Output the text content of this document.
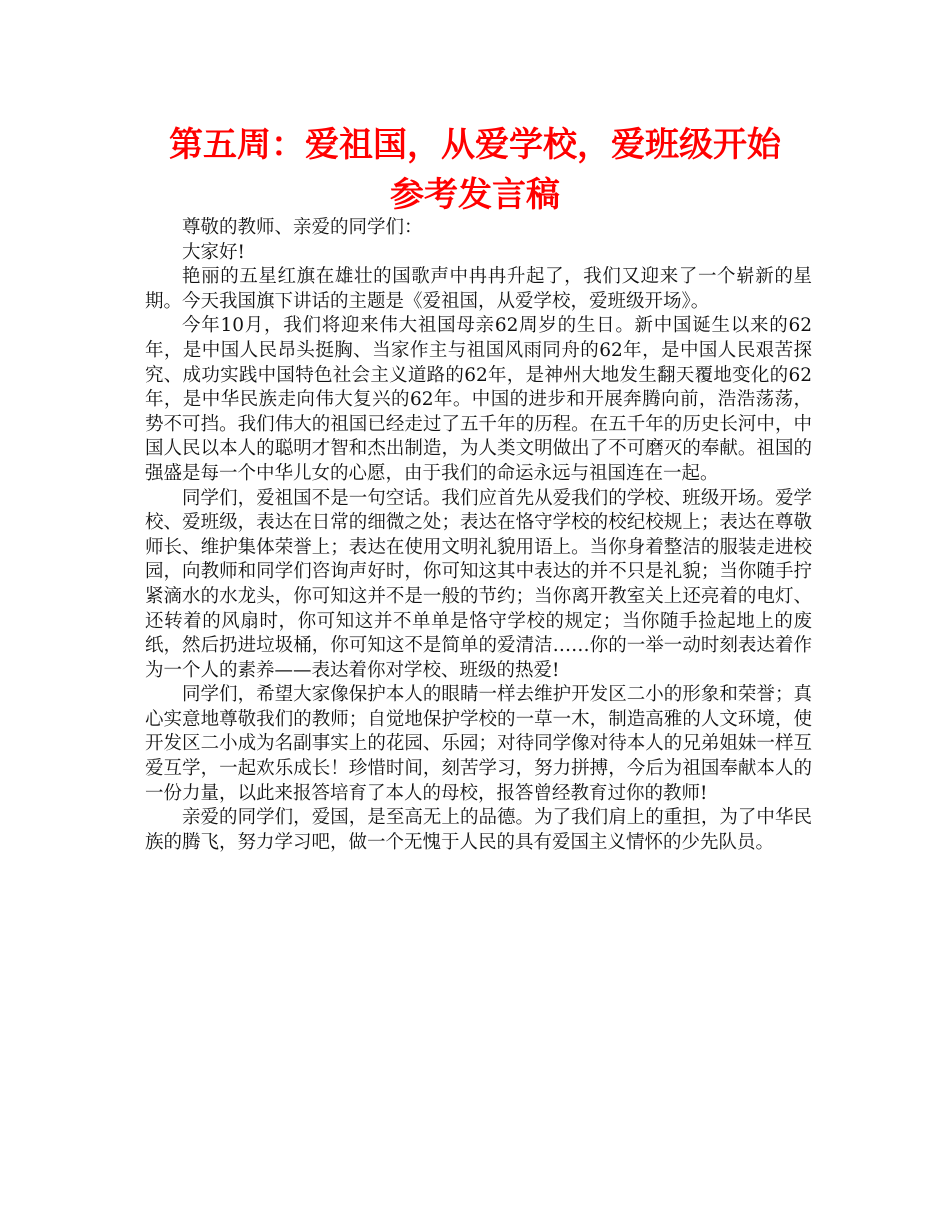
第五周：爱祖国，从爱学校，爱班级开始
参考发言稿

尊敬的教师、亲爱的同学们：

大家好!

艳丽的五星红旗在雄壮的国歌声中冉冉升起了，我们又迎来了一个崭新的星期。今天我国旗下讲话的主题是《爱祖国，从爱学校，爱班级开场》。

今年10月，我们将迎来伟大祖国母亲62周岁的生日。新中国诞生以来的62年，是中国人民昂头挺胸、当家作主与祖国风雨同舟的62年，是中国人民艰苦探究、成功实践中国特色社会主义道路的62年，是神州大地发生翻天覆地变化的62年，是中华民族走向伟大复兴的62年。中国的进步和开展奔腾向前，浩浩荡荡，势不可挡。我们伟大的祖国已经走过了五千年的历程。在五千年的历史长河中，中国人民以本人的聪明才智和杰出制造，为人类文明做出了不可磨灭的奉献。祖国的强盛是每一个中华儿女的心愿，由于我们的命运永远与祖国连在一起。

同学们，爱祖国不是一句空话。我们应首先从爱我们的学校、班级开场。爱学校、爱班级，表达在日常的细微之处；表达在恪守学校的校纪校规上；表达在尊敬师长、维护集体荣誉上；表达在使用文明礼貌用语上。当你身着整洁的服装走进校园，向教师和同学们咨询声好时，你可知这其中表达的并不只是礼貌；当你随手拧紧滴水的水龙头，你可知这并不是一般的节约；当你离开教室关上还亮着的电灯、还转着的风扇时，你可知这并不单单是恪守学校的规定；当你随手捡起地上的废纸，然后扔进垃圾桶，你可知这不是简单的爱清洁……你的一举一动时刻表达着作为一个人的素养——表达着你对学校、班级的热爱!

同学们，希望大家像保护本人的眼睛一样去维护开发区二小的形象和荣誉；真心实意地尊敬我们的教师；自觉地保护学校的一草一木，制造高雅的人文环境，使开发区二小成为名副事实上的花园、乐园；对待同学像对待本人的兄弟姐妹一样互爱互学，一起欢乐成长！珍惜时间，刻苦学习，努力拼搏，今后为祖国奉献本人的一份力量，以此来报答培育了本人的母校，报答曾经教育过你的教师!

亲爱的同学们，爱国，是至高无上的品德。为了我们肩上的重担，为了中华民族的腾飞，努力学习吧，做一个无愧于人民的具有爱国主义情怀的少先队员。
